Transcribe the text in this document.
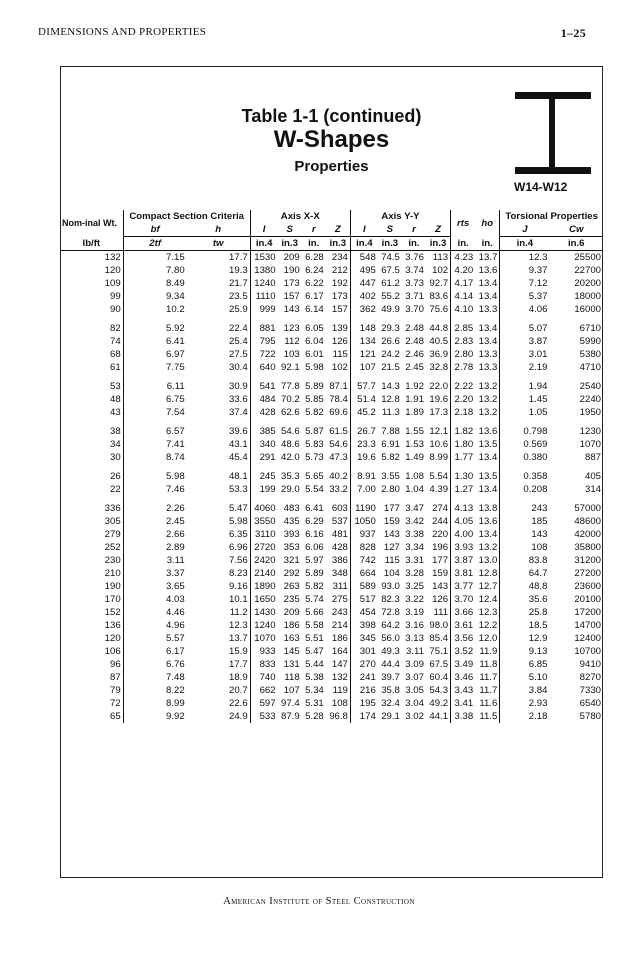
DIMENSIONS AND PROPERTIES	1–25
Table 1-1 (continued)
W-Shapes
Properties
W14-W12
Nom-inal Wt.	Compact Section Criteria		Axis X-X				Axis Y-Y				rts	ho	Torsional Properties	
	bf	h	I	S	r	Z	I	S	r	Z			J	Cw
lb/ft	2tf	tw	in.4	in.3	in.	in.3	in.4	in.3	in.	in.3	in.	in.	in.4	in.6
132	7.15	17.7	1530	209	6.28	234	548	74.5	3.76	113	4.23	13.7	12.3	25500
120	7.80	19.3	1380	190	6.24	212	495	67.5	3.74	102	4.20	13.6	9.37	22700
109	8.49	21.7	1240	173	6.22	192	447	61.2	3.73	92.7	4.17	13.4	7.12	20200
99	9.34	23.5	1110	157	6.17	173	402	55.2	3.71	83.6	4.14	13.4	5.37	18000
90	10.2	25.9	999	143	6.14	157	362	49.9	3.70	75.6	4.10	13.3	4.06	16000

82	5.92	22.4	881	123	6.05	139	148	29.3	2.48	44.8	2.85	13.4	5.07	6710
74	6.41	25.4	795	112	6.04	126	134	26.6	2.48	40.5	2.83	13.4	3.87	5990
68	6.97	27.5	722	103	6.01	115	121	24.2	2.46	36.9	2.80	13.3	3.01	5380
61	7.75	30.4	640	92.1	5.98	102	107	21.5	2.45	32.8	2.78	13.3	2.19	4710

53	6.11	30.9	541	77.8	5.89	87.1	57.7	14.3	1.92	22.0	2.22	13.2	1.94	2540
48	6.75	33.6	484	70.2	5.85	78.4	51.4	12.8	1.91	19.6	2.20	13.2	1.45	2240
43	7.54	37.4	428	62.6	5.82	69.6	45.2	11.3	1.89	17.3	2.18	13.2	1.05	1950

38	6.57	39.6	385	54.6	5.87	61.5	26.7	7.88	1.55	12.1	1.82	13.6	0.798	1230
34	7.41	43.1	340	48.6	5.83	54.6	23.3	6.91	1.53	10.6	1.80	13.5	0.569	1070
30	8.74	45.4	291	42.0	5.73	47.3	19.6	5.82	1.49	8.99	1.77	13.4	0.380	887

26	5.98	48.1	245	35.3	5.65	40.2	8.91	3.55	1.08	5.54	1.30	13.5	0.358	405
22	7.46	53.3	199	29.0	5.54	33.2	7.00	2.80	1.04	4.39	1.27	13.4	0.208	314

336	2.26	5.47	4060	483	6.41	603	1190	177	3.47	274	4.13	13.8	243	57000
305	2.45	5.98	3550	435	6.29	537	1050	159	3.42	244	4.05	13.6	185	48600
279	2.66	6.35	3110	393	6.16	481	937	143	3.38	220	4.00	13.4	143	42000
252	2.89	6.96	2720	353	6.06	428	828	127	3.34	196	3.93	13.2	108	35800
230	3.11	7.56	2420	321	5.97	386	742	115	3.31	177	3.87	13.0	83.8	31200
210	3.37	8.23	2140	292	5.89	348	664	104	3.28	159	3.81	12.8	64.7	27200
190	3.65	9.16	1890	263	5.82	311	589	93.0	3.25	143	3.77	12.7	48.8	23600
170	4.03	10.1	1650	235	5.74	275	517	82.3	3.22	126	3.70	12.4	35.6	20100
152	4.46	11.2	1430	209	5.66	243	454	72.8	3.19	111	3.66	12.3	25.8	17200
136	4.96	12.3	1240	186	5.58	214	398	64.2	3.16	98.0	3.61	12.2	18.5	14700
120	5.57	13.7	1070	163	5.51	186	345	56.0	3.13	85.4	3.56	12.0	12.9	12400
106	6.17	15.9	933	145	5.47	164	301	49.3	3.11	75.1	3.52	11.9	9.13	10700
96	6.76	17.7	833	131	5.44	147	270	44.4	3.09	67.5	3.49	11.8	6.85	9410
87	7.48	18.9	740	118	5.38	132	241	39.7	3.07	60.4	3.46	11.7	5.10	8270
79	8.22	20.7	662	107	5.34	119	216	35.8	3.05	54.3	3.43	11.7	3.84	7330
72	8.99	22.6	597	97.4	5.31	108	195	32.4	3.04	49.2	3.41	11.6	2.93	6540
65	9.92	24.9	533	87.9	5.28	96.8	174	29.1	3.02	44.1	3.38	11.5	2.18	5780
American Institute of Steel Construction
